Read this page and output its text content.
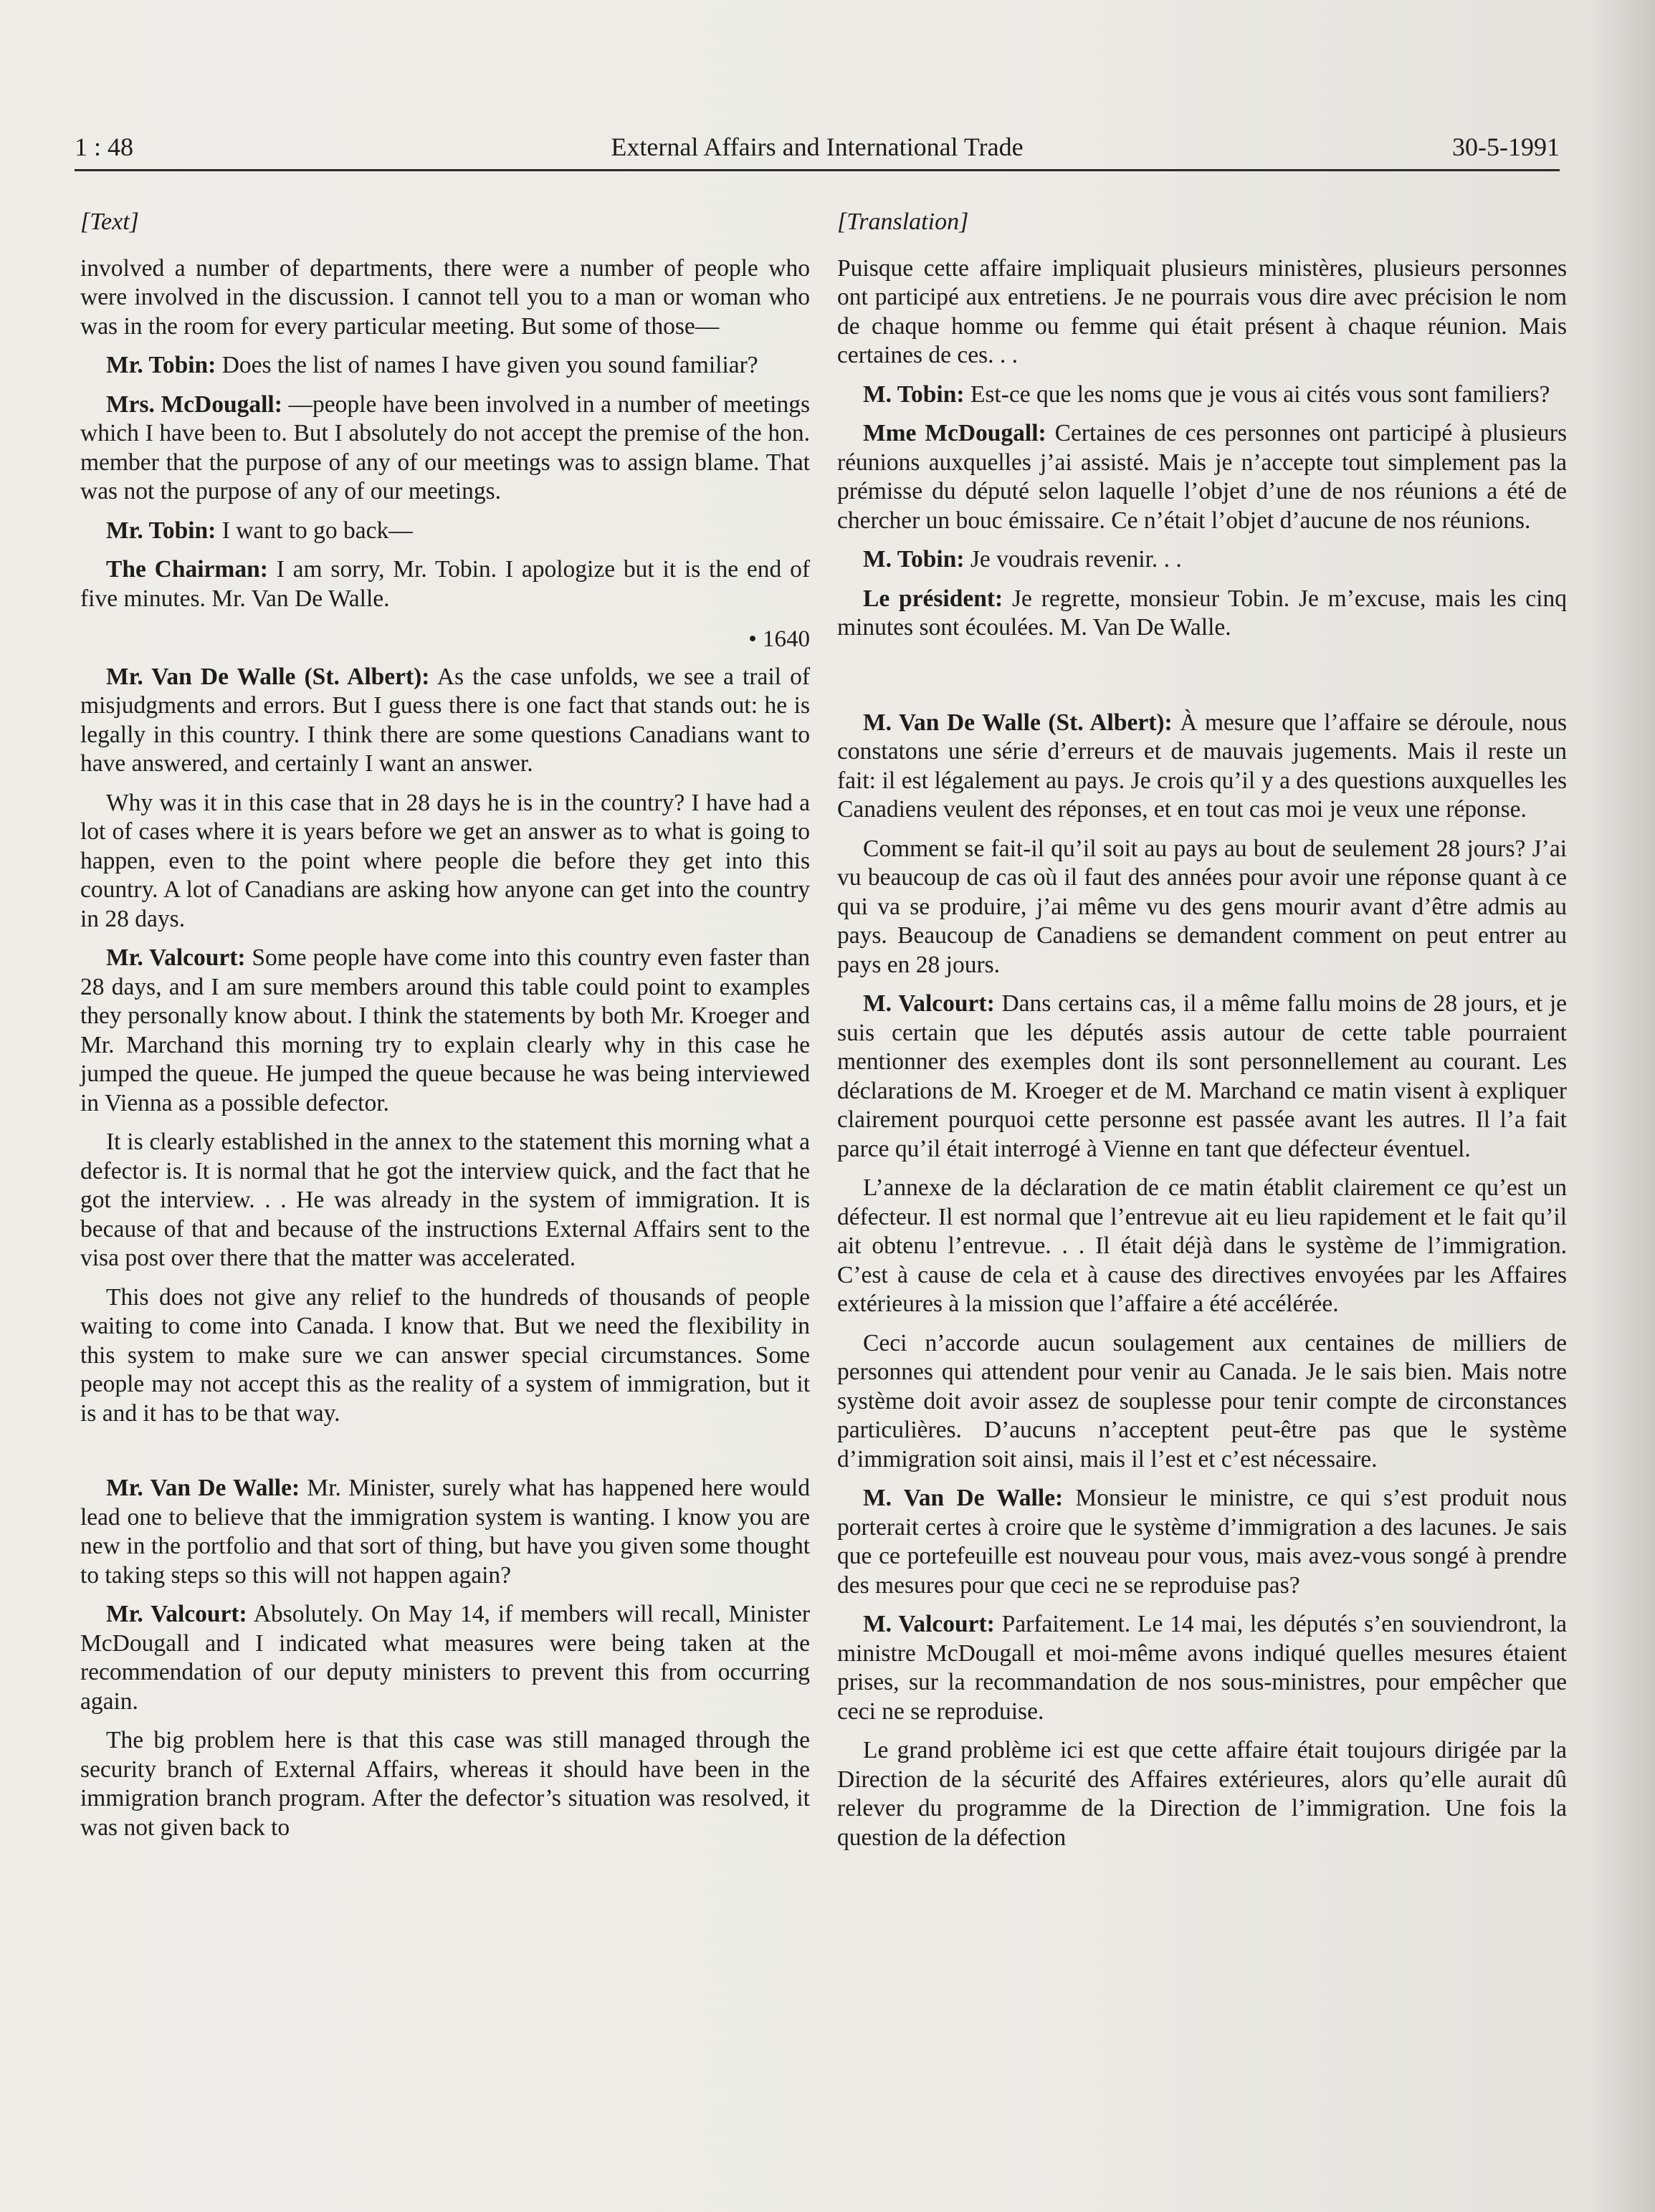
1 : 48	External Affairs and International Trade	30-5-1991
[Text]

involved a number of departments, there were a number of people who were involved in the discussion. I cannot tell you to a man or woman who was in the room for every particular meeting. But some of those—

Mr. Tobin: Does the list of names I have given you sound familiar?

Mrs. McDougall: —people have been involved in a number of meetings which I have been to. But I absolutely do not accept the premise of the hon. member that the purpose of any of our meetings was to assign blame. That was not the purpose of any of our meetings.

Mr. Tobin: I want to go back—

The Chairman: I am sorry, Mr. Tobin. I apologize but it is the end of five minutes. Mr. Van De Walle.

• 1640

Mr. Van De Walle (St. Albert): As the case unfolds, we see a trail of misjudgments and errors. But I guess there is one fact that stands out: he is legally in this country. I think there are some questions Canadians want to have answered, and certainly I want an answer.

Why was it in this case that in 28 days he is in the country? I have had a lot of cases where it is years before we get an answer as to what is going to happen, even to the point where people die before they get into this country. A lot of Canadians are asking how anyone can get into the country in 28 days.

Mr. Valcourt: Some people have come into this country even faster than 28 days, and I am sure members around this table could point to examples they personally know about. I think the statements by both Mr. Kroeger and Mr. Marchand this morning try to explain clearly why in this case he jumped the queue. He jumped the queue because he was being interviewed in Vienna as a possible defector.

It is clearly established in the annex to the statement this morning what a defector is. It is normal that he got the interview quick, and the fact that he got the interview. . . He was already in the system of immigration. It is because of that and because of the instructions External Affairs sent to the visa post over there that the matter was accelerated.

This does not give any relief to the hundreds of thousands of people waiting to come into Canada. I know that. But we need the flexibility in this system to make sure we can answer special circumstances. Some people may not accept this as the reality of a system of immigration, but it is and it has to be that way.

Mr. Van De Walle: Mr. Minister, surely what has happened here would lead one to believe that the immigration system is wanting. I know you are new in the portfolio and that sort of thing, but have you given some thought to taking steps so this will not happen again?

Mr. Valcourt: Absolutely. On May 14, if members will recall, Minister McDougall and I indicated what measures were being taken at the recommendation of our deputy ministers to prevent this from occurring again.

The big problem here is that this case was still managed through the security branch of External Affairs, whereas it should have been in the immigration branch program. After the defector’s situation was resolved, it was not given back to

[Translation]

Puisque cette affaire impliquait plusieurs ministères, plusieurs personnes ont participé aux entretiens. Je ne pourrais vous dire avec précision le nom de chaque homme ou femme qui était présent à chaque réunion. Mais certaines de ces. . .

M. Tobin: Est-ce que les noms que je vous ai cités vous sont familiers?

Mme McDougall: Certaines de ces personnes ont participé à plusieurs réunions auxquelles j’ai assisté. Mais je n’accepte tout simplement pas la prémisse du député selon laquelle l’objet d’une de nos réunions a été de chercher un bouc émissaire. Ce n’était l’objet d’aucune de nos réunions.

M. Tobin: Je voudrais revenir. . .

Le président: Je regrette, monsieur Tobin. Je m’excuse, mais les cinq minutes sont écoulées. M. Van De Walle.

M. Van De Walle (St. Albert): À mesure que l’affaire se déroule, nous constatons une série d’erreurs et de mauvais jugements. Mais il reste un fait: il est légalement au pays. Je crois qu’il y a des questions auxquelles les Canadiens veulent des réponses, et en tout cas moi je veux une réponse.

Comment se fait-il qu’il soit au pays au bout de seulement 28 jours? J’ai vu beaucoup de cas où il faut des années pour avoir une réponse quant à ce qui va se produire, j’ai même vu des gens mourir avant d’être admis au pays. Beaucoup de Canadiens se demandent comment on peut entrer au pays en 28 jours.

M. Valcourt: Dans certains cas, il a même fallu moins de 28 jours, et je suis certain que les députés assis autour de cette table pourraient mentionner des exemples dont ils sont personnellement au courant. Les déclarations de M. Kroeger et de M. Marchand ce matin visent à expliquer clairement pourquoi cette personne est passée avant les autres. Il l’a fait parce qu’il était interrogé à Vienne en tant que défecteur éventuel.

L’annexe de la déclaration de ce matin établit clairement ce qu’est un défecteur. Il est normal que l’entrevue ait eu lieu rapidement et le fait qu’il ait obtenu l’entrevue. . . Il était déjà dans le système de l’immigration. C’est à cause de cela et à cause des directives envoyées par les Affaires extérieures à la mission que l’affaire a été accélérée.

Ceci n’accorde aucun soulagement aux centaines de milliers de personnes qui attendent pour venir au Canada. Je le sais bien. Mais notre système doit avoir assez de souplesse pour tenir compte de circonstances particulières. D’aucuns n’acceptent peut-être pas que le système d’immigration soit ainsi, mais il l’est et c’est nécessaire.

M. Van De Walle: Monsieur le ministre, ce qui s’est produit nous porterait certes à croire que le système d’immigration a des lacunes. Je sais que ce portefeuille est nouveau pour vous, mais avez-vous songé à prendre des mesures pour que ceci ne se reproduise pas?

M. Valcourt: Parfaitement. Le 14 mai, les députés s’en souviendront, la ministre McDougall et moi-même avons indiqué quelles mesures étaient prises, sur la recommandation de nos sous-ministres, pour empêcher que ceci ne se reproduise.

Le grand problème ici est que cette affaire était toujours dirigée par la Direction de la sécurité des Affaires extérieures, alors qu’elle aurait dû relever du programme de la Direction de l’immigration. Une fois la question de la défection
